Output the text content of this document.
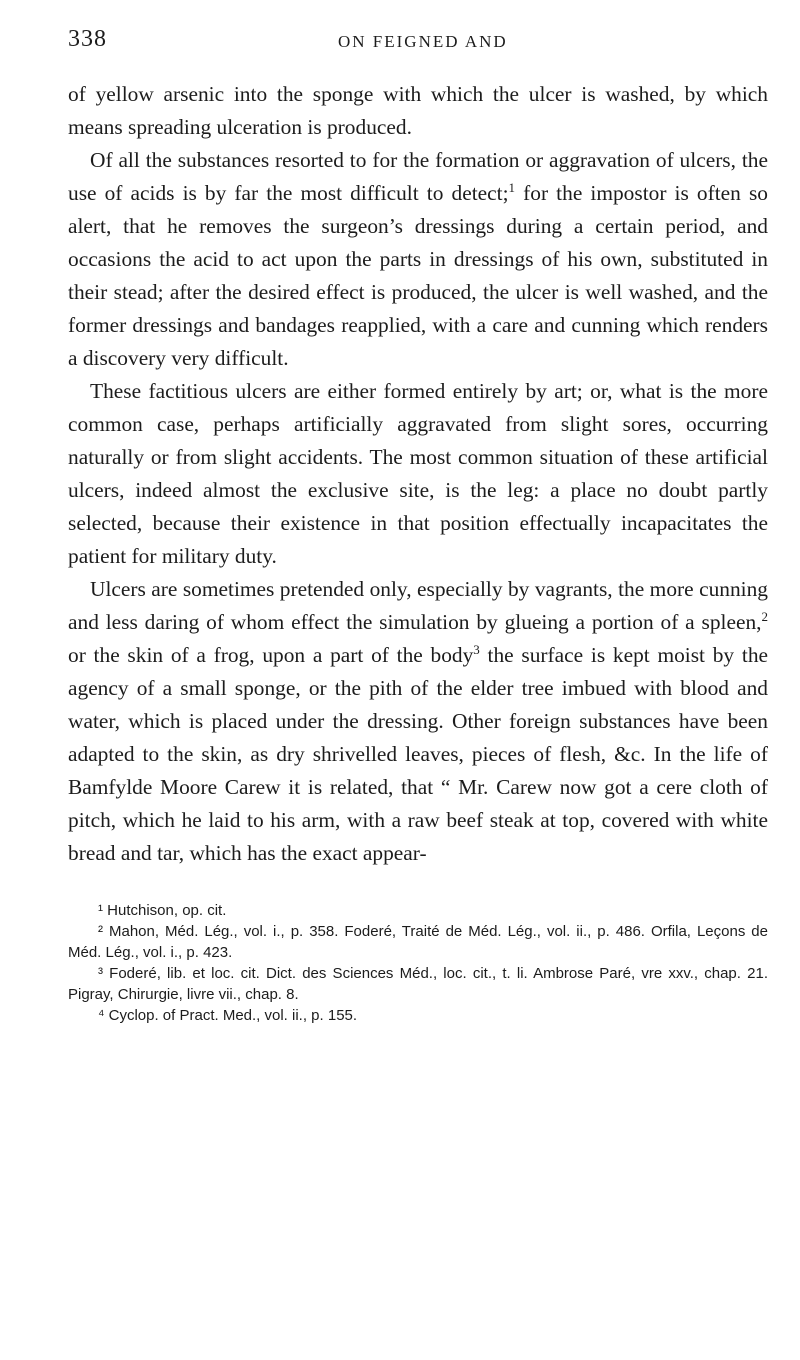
338	ON FEIGNED AND

of yellow arsenic into the sponge with which the ulcer is washed, by which means spreading ulceration is produced.

Of all the substances resorted to for the formation or aggravation of ulcers, the use of acids is by far the most difficult to detect;$^1$ for the impostor is often so alert, that he removes the surgeon’s dressings during a certain period, and occasions the acid to act upon the parts in dressings of his own, substituted in their stead; after the desired effect is produced, the ulcer is well washed, and the former dressings and bandages reapplied, with a care and cunning which renders a discovery very difficult.

These factitious ulcers are either formed entirely by art; or, what is the more common case, perhaps artificially aggravated from slight sores, occurring naturally or from slight accidents. The most common situation of these artificial ulcers, indeed almost the exclusive site, is the leg: a place no doubt partly selected, because their existence in that position effectually incapacitates the patient for military duty.

Ulcers are sometimes pretended only, especially by vagrants, the more cunning and less daring of whom effect the simulation by glueing a portion of a spleen,$^2$ or the skin of a frog, upon a part of the body$^3$ the surface is kept moist by the agency of a small sponge, or the pith of the elder tree imbued with blood and water, which is placed under the dressing. Other foreign substances have been adapted to the skin, as dry shrivelled leaves, pieces of flesh, &c. In the life of Bamfylde Moore Carew it is related, that “ Mr. Carew now got a cere cloth of pitch, which he laid to his arm, with a raw beef steak at top, covered with white bread and tar, which has the exact appear-

¹ Hutchison, op. cit.

² Mahon, Méd. Lég., vol. i., p. 358. Foderé, Traité de Méd. Lég., vol. ii., p. 486. Orfila, Leçons de Méd. Lég., vol. i., p. 423.

³ Foderé, lib. et loc. cit. Dict. des Sciences Méd., loc. cit., t. li. Ambrose Paré, vre xxv., chap. 21. Pigray, Chirurgie, livre vii., chap. 8.

⁴ Cyclop. of Pract. Med., vol. ii., p. 155.
